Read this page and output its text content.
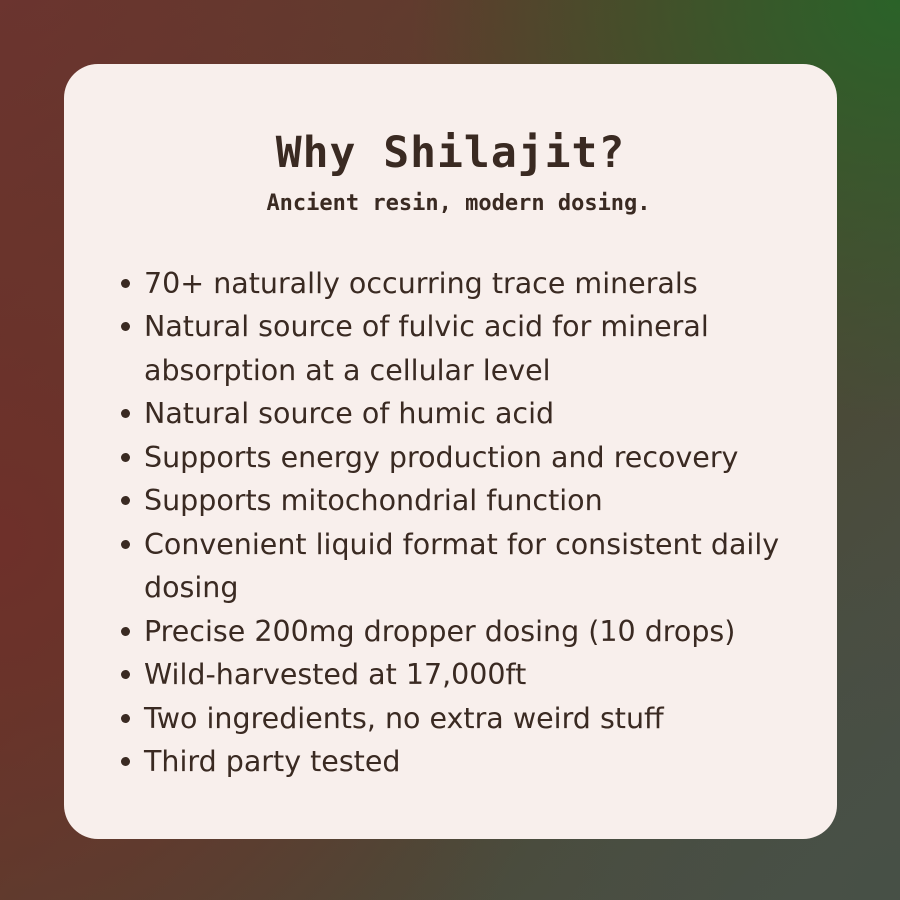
Why Shilajit?
Ancient resin, modern dosing.
70+ naturally occurring trace minerals
Natural source of fulvic acid for mineral absorption at a cellular level
Natural source of humic acid
Supports energy production and recovery
Supports mitochondrial function
Convenient liquid format for consistent daily dosing
Precise 200mg dropper dosing (10 drops)
Wild-harvested at 17,000ft
Two ingredients, no extra weird stuff
Third party tested
